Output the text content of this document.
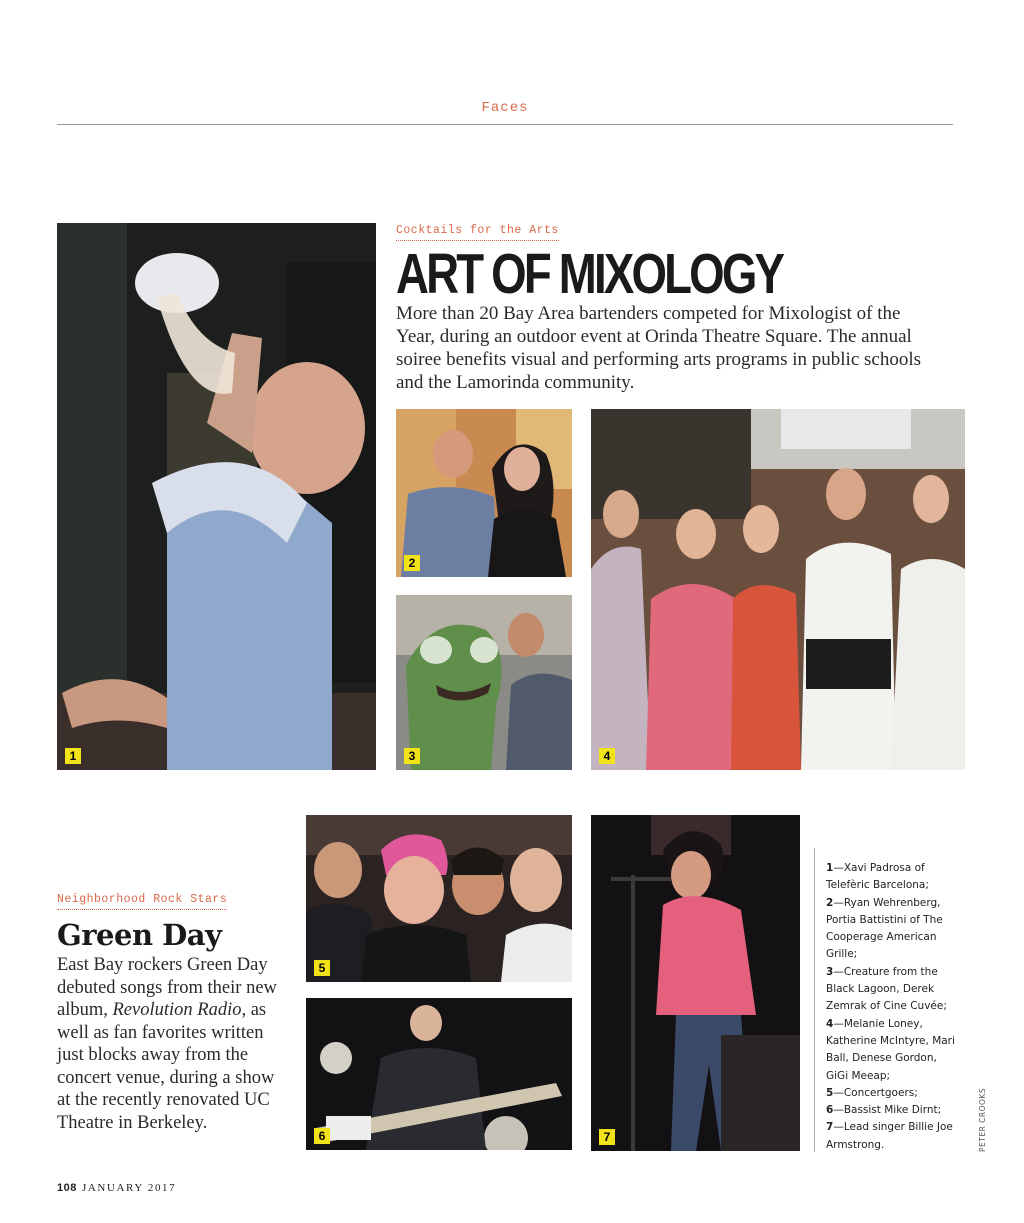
Faces
1
Cocktails for the Arts
ART OF MIXOLOGY
More than 20 Bay Area bartenders competed for Mixologist of the Year, during an outdoor event at Orinda Theatre Square. The annual soiree benefits visual and performing arts programs in public schools and the Lamorinda community.
2
3	4
5
6	7
Neighborhood Rock Stars
Green Day
East Bay rockers Green Day debuted songs from their new album, Revolution Radio, as well as fan favorites written just blocks away from the concert venue, during a show at the recently renovated UC Theatre in Berkeley.
1—Xavi Padrosa of Telefèric Barcelona;
2—Ryan Wehrenberg, Portia Battistini of The Cooperage American Grille;
3—Creature from the Black Lagoon, Derek Zemrak of Cine Cuvée;
4—Melanie Loney, Katherine McIntyre, Mari Ball, Denese Gordon, GiGi Meeap;
5—Concertgoers;
6—Bassist Mike Dirnt;
7—Lead singer Billie Joe Armstrong.	PETER CROOKS
108 JANUARY 2017
